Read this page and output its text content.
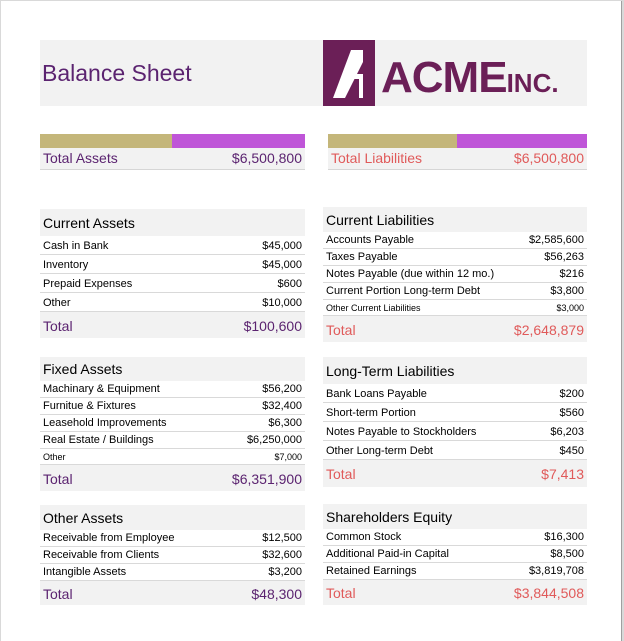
Balance Sheet	ACMEINC.
Total Assets	$6,500,800 Total Liabilities	$6,500,800
Current Assets
Cash in Bank	$45,000
Inventory	$45,000
Prepaid Expenses	$600
Other	$10,000
Total	$100,600
Fixed Assets
Machinary & Equipment	$56,200
Furnitue & Fixtures	$32,400
Leasehold Improvements	$6,300
Real Estate / Buildings	$6,250,000
Other	$7,000
Total	$6,351,900
Other Assets
Receivable from Employee	$12,500
Receivable from Clients	$32,600
Intangible Assets	$3,200
Total	$48,300
Current Liabilities
Accounts Payable	$2,585,600
Taxes Payable	$56,263
Notes Payable (due within 12 mo.)	$216
Current Portion Long-term Debt	$3,800
Other Current Liabilities	$3,000
Total	$2,648,879
Long-Term Liabilities
Bank Loans Payable	$200
Short-term Portion	$560
Notes Payable to Stockholders	$6,203
Other Long-term Debt	$450
Total	$7,413
Shareholders Equity
Common Stock	$16,300
Additional Paid-in Capital	$8,500
Retained Earnings	$3,819,708
Total	$3,844,508
